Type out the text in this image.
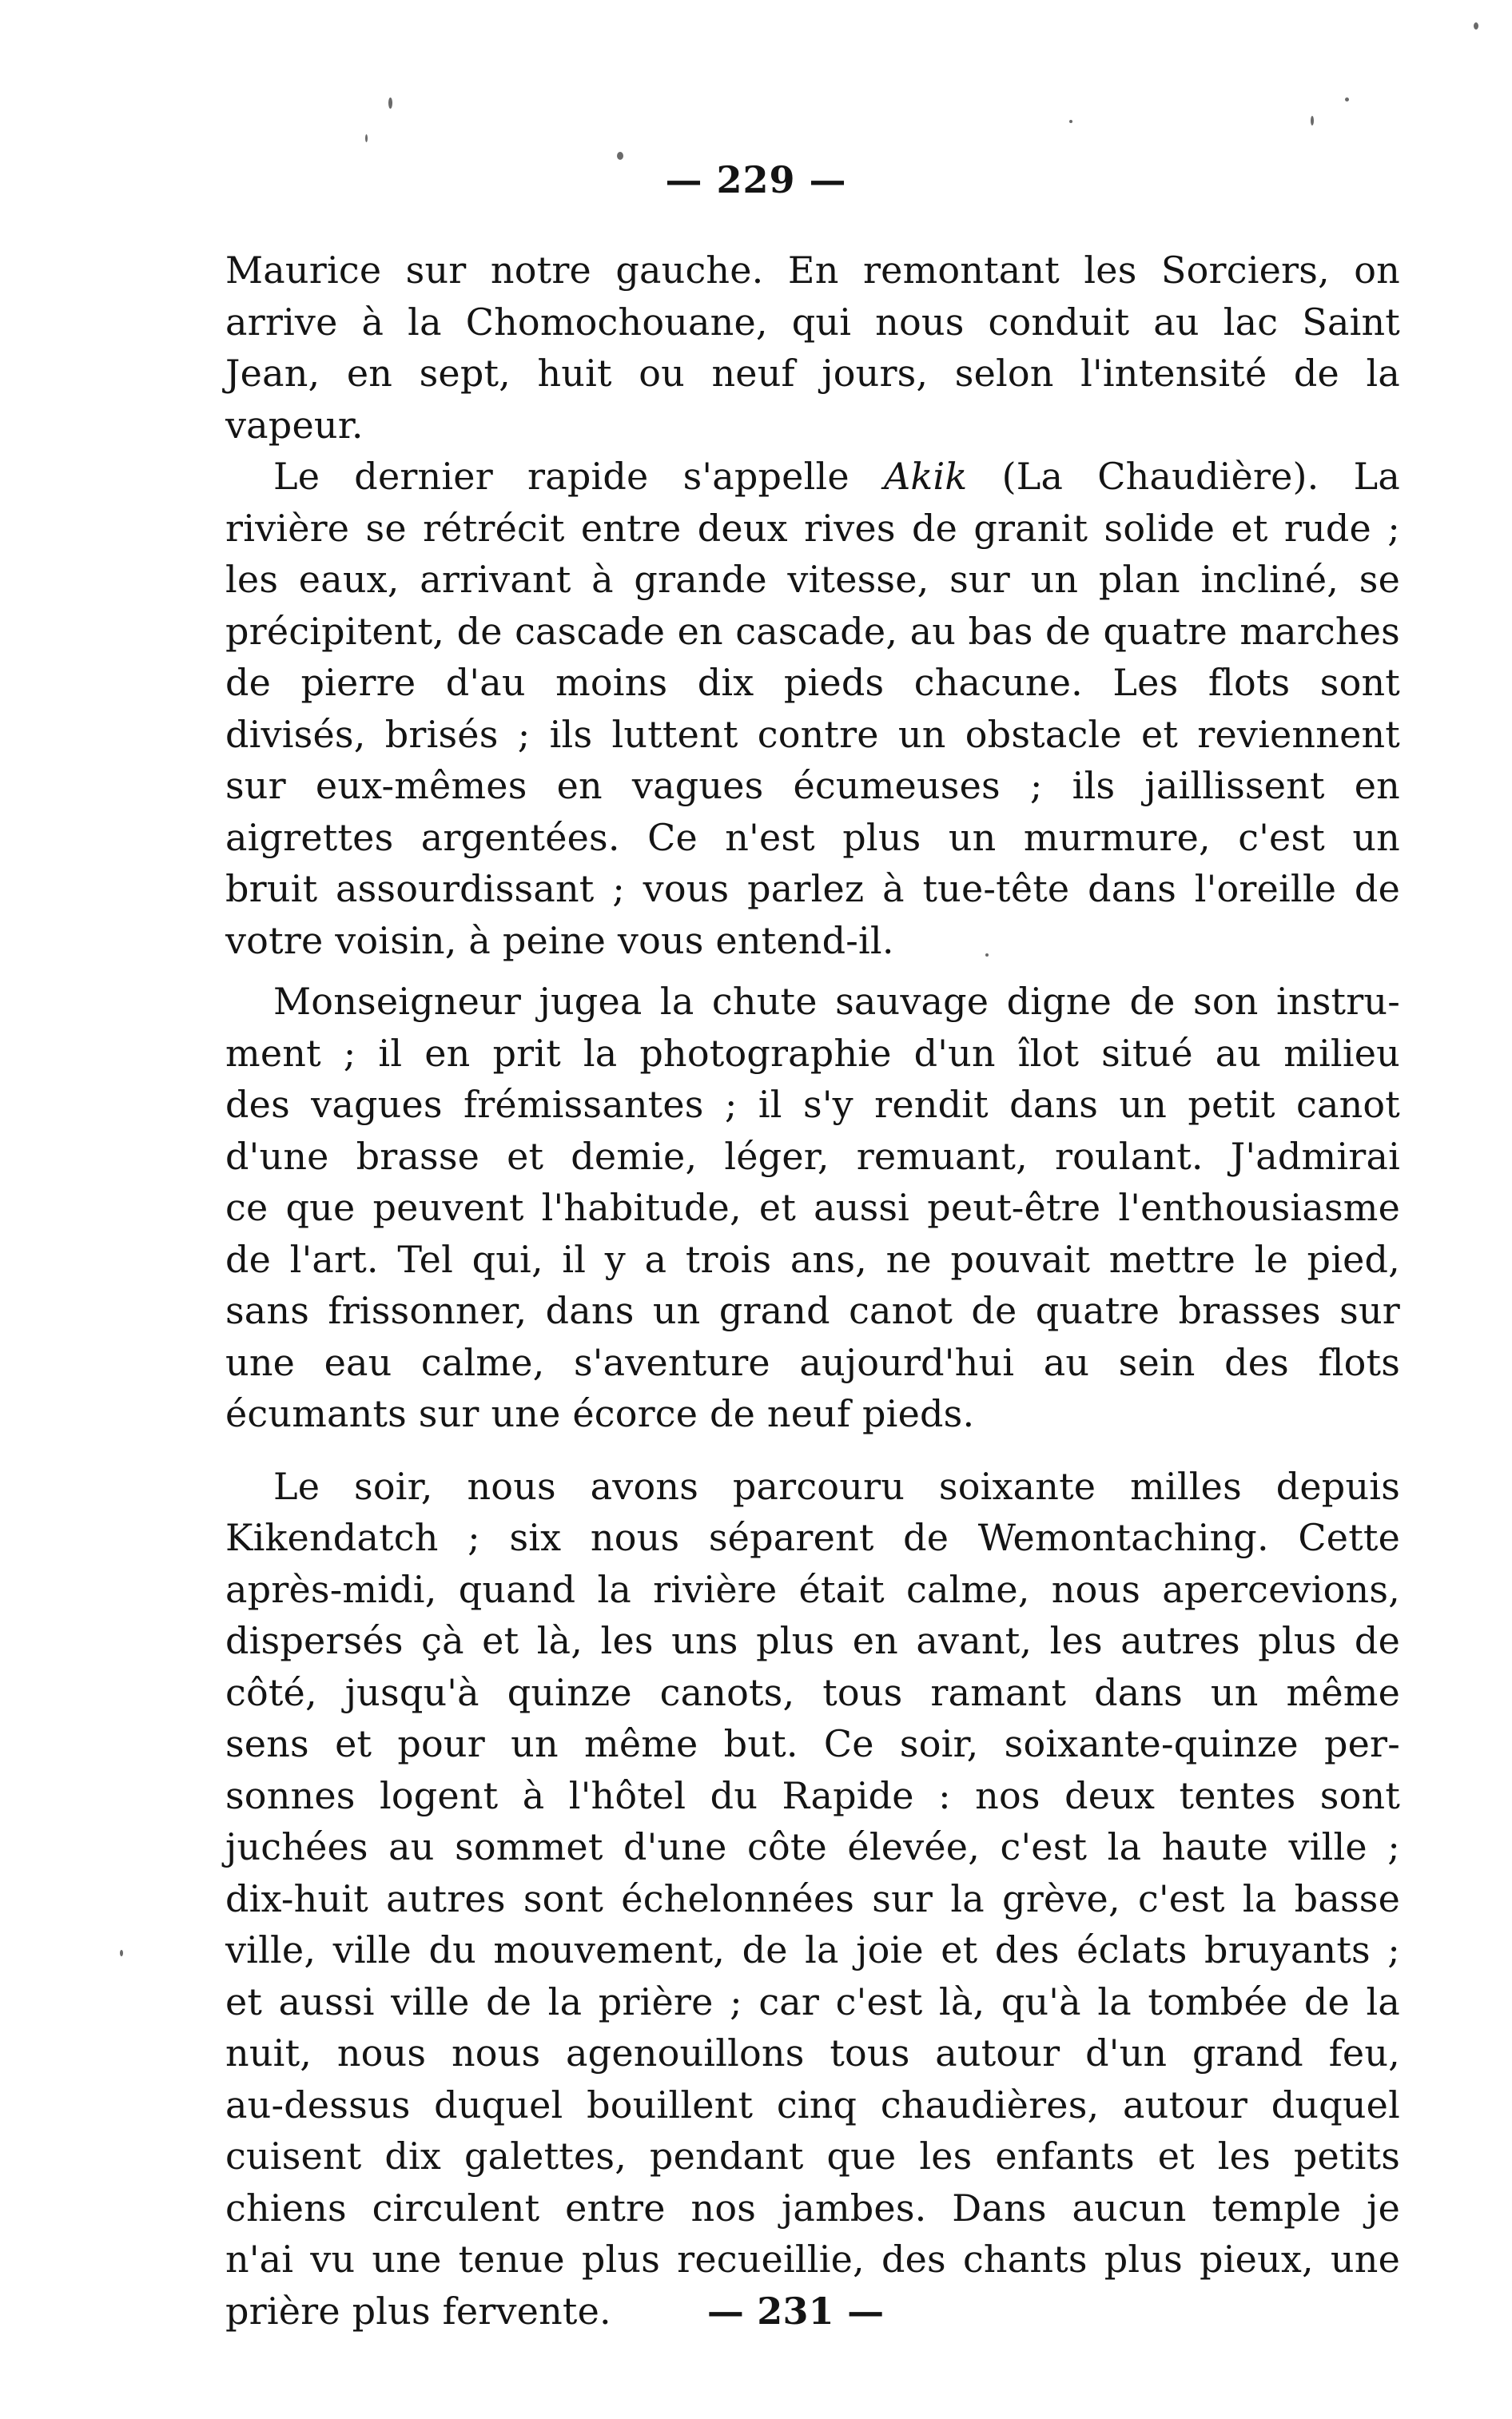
— 229 —
Maurice sur notre gauche. En remontant les Sorciers, on
arrive à la Chomochouane, qui nous conduit au lac Saint
Jean, en sept, huit ou neuf jours, selon l'intensité de la
vapeur.
Le dernier rapide s'appelle Akik (La Chaudière). La
rivière se rétrécit entre deux rives de granit solide et rude ;
les eaux, arrivant à grande vitesse, sur un plan incliné, se
précipitent, de cascade en cascade, au bas de quatre marches
de pierre d'au moins dix pieds chacune. Les flots sont
divisés, brisés ; ils luttent contre un obstacle et reviennent
sur eux-mêmes en vagues écumeuses ; ils jaillissent en
aigrettes argentées. Ce n'est plus un murmure, c'est un
bruit assourdissant ; vous parlez à tue-tête dans l'oreille de
votre voisin, à peine vous entend-il.
Monseigneur jugea la chute sauvage digne de son instru-
ment ; il en prit la photographie d'un îlot situé au milieu
des vagues frémissantes ; il s'y rendit dans un petit canot
d'une brasse et demie, léger, remuant, roulant. J'admirai
ce que peuvent l'habitude, et aussi peut-être l'enthousiasme
de l'art. Tel qui, il y a trois ans, ne pouvait mettre le pied,
sans frissonner, dans un grand canot de quatre brasses sur
une eau calme, s'aventure aujourd'hui au sein des flots
écumants sur une écorce de neuf pieds.
Le soir, nous avons parcouru soixante milles depuis
Kikendatch ; six nous séparent de Wemontaching. Cette
après-midi, quand la rivière était calme, nous apercevions,
dispersés çà et là, les uns plus en avant, les autres plus de
côté, jusqu'à quinze canots, tous ramant dans un même
sens et pour un même but. Ce soir, soixante-quinze per-
sonnes logent à l'hôtel du Rapide : nos deux tentes sont
juchées au sommet d'une côte élevée, c'est la haute ville ;
dix-huit autres sont échelonnées sur la grève, c'est la basse
ville, ville du mouvement, de la joie et des éclats bruyants ;
et aussi ville de la prière ; car c'est là, qu'à la tombée de la
nuit, nous nous agenouillons tous autour d'un grand feu,
au-dessus duquel bouillent cinq chaudières, autour duquel
cuisent dix galettes, pendant que les enfants et les petits
chiens circulent entre nos jambes. Dans aucun temple je
n'ai vu une tenue plus recueillie, des chants plus pieux, une
prière plus fervente.	— 231 —
